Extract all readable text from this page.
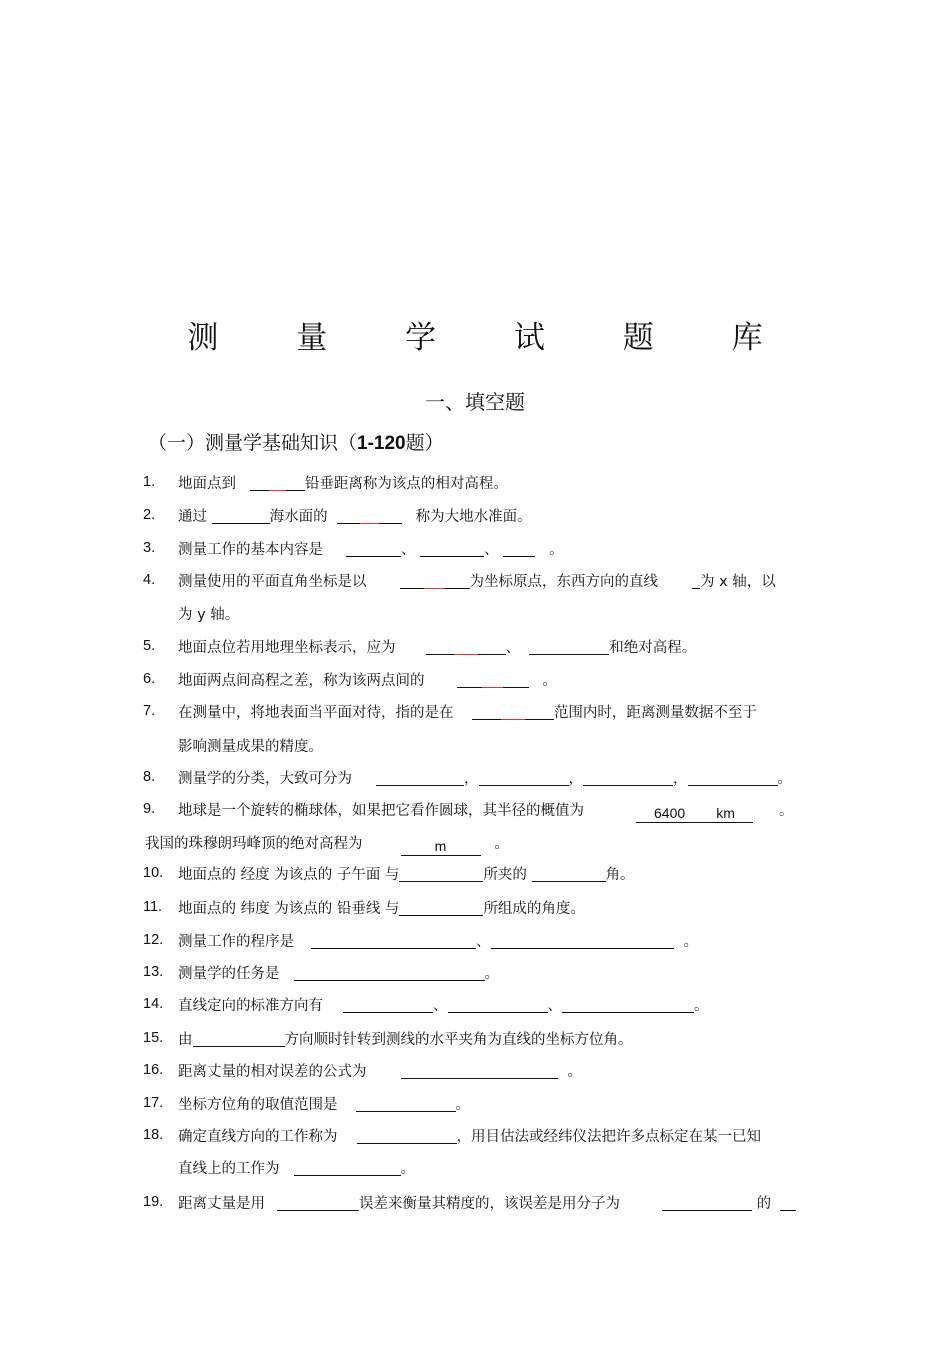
测 量 学 试 题 库
一、填空题
（一）测量学基础知识（1-120题）
1.	地面点到	铅垂距离称为该点的相对高程。
2.	通过	海水面的	称为大地水准面。
3.	测量工作的基本内容是	、	、	。
4.	测量使用的平面直角坐标是以	为坐标原点，东西方向的直线	为 x 轴，以
为 y 轴。
5.	地面点位若用地理坐标表示，应为	、	和绝对高程。
6.	地面两点间高程之差，称为该两点间的	。
7.	在测量中，将地表面当平面对待，指的是在	范围内时，距离测量数据不至于
影响测量成果的精度。
8.	测量学的分类，大致可分为	，	，	，	。
9.	地球是一个旋转的椭球体，如果把它看作圆球，其半径的概值为	6400 km	。
我国的珠穆朗玛峰顶的绝对高程为	m	。
10.	地面点的 经度 为该点的 子午面 与	所夹的	角。
11.	地面点的 纬度 为该点的 铅垂线 与	所组成的角度。
12.	测量工作的程序是	、	。
13.	测量学的任务是	。
14.	直线定向的标准方向有	、	、	。
15.	由	方向顺时针转到测线的水平夹角为直线的坐标方位角。
16.	距离丈量的相对误差的公式为	。
17.	坐标方位角的取值范围是	。
18.	确定直线方向的工作称为	，用目估法或经纬仪法把许多点标定在某一已知
直线上的工作为	。
19.	距离丈量是用	误差来衡量其精度的，该误差是用分子为	的
